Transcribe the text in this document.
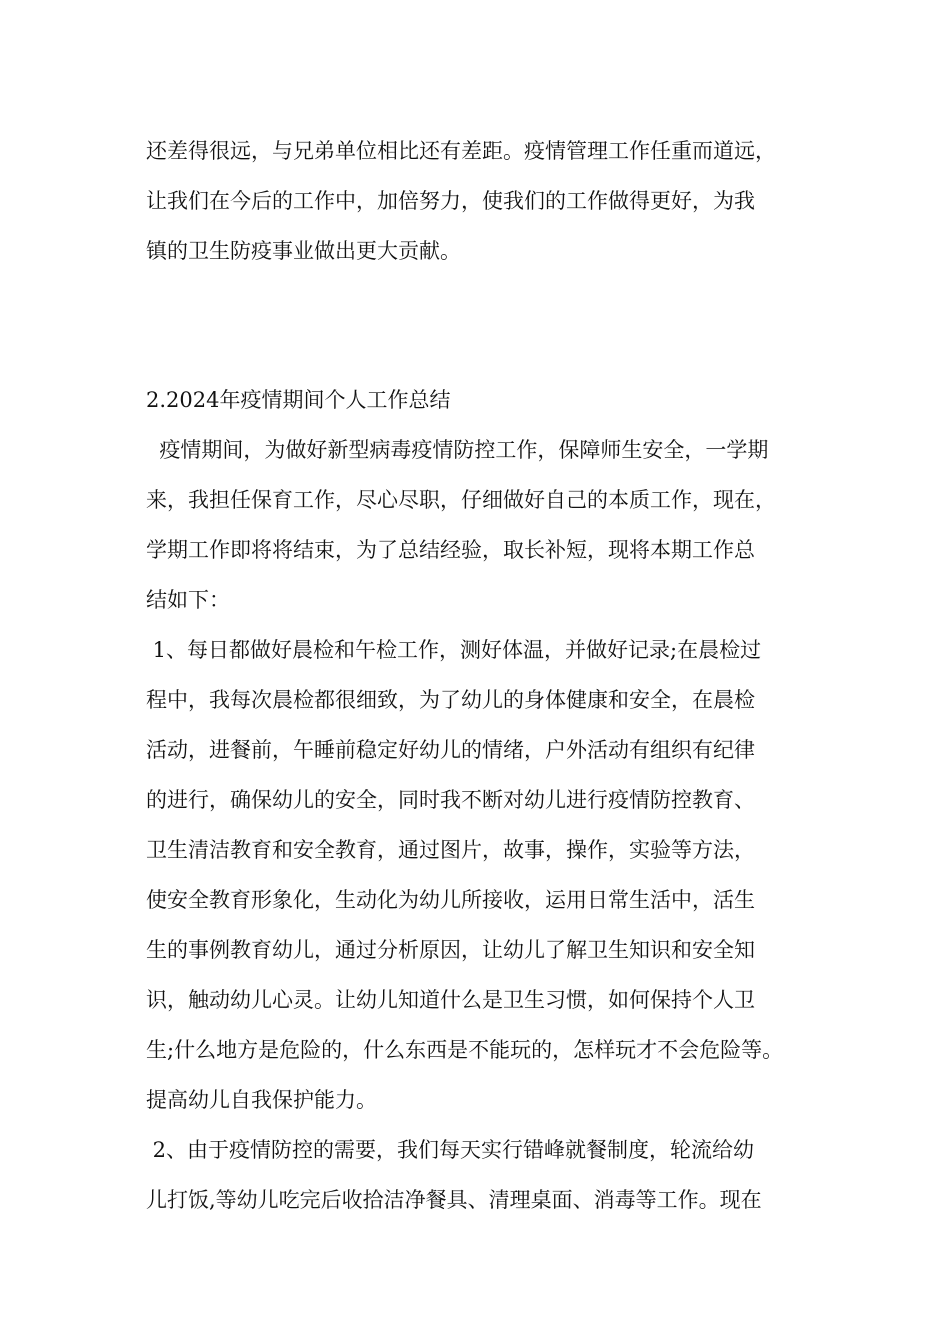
还差得很远，与兄弟单位相比还有差距。疫情管理工作任重而道远，
让我们在今后的工作中，加倍努力，使我们的工作做得更好，为我
镇的卫生防疫事业做出更大贡献。
2.2024年疫情期间个人工作总结
疫情期间，为做好新型病毒疫情防控工作，保障师生安全，一学期
来，我担任保育工作，尽心尽职，仔细做好自己的本质工作，现在，
学期工作即将将结束，为了总结经验，取长补短，现将本期工作总
结如下：
1、每日都做好晨检和午检工作，测好体温，并做好记录;在晨检过
程中，我每次晨检都很细致，为了幼儿的身体健康和安全，在晨检
活动，进餐前，午睡前稳定好幼儿的情绪，户外活动有组织有纪律
的进行，确保幼儿的安全，同时我不断对幼儿进行疫情防控教育、
卫生清洁教育和安全教育，通过图片，故事，操作，实验等方法，
使安全教育形象化，生动化为幼儿所接收，运用日常生活中，活生
生的事例教育幼儿，通过分析原因，让幼儿了解卫生知识和安全知
识，触动幼儿心灵。让幼儿知道什么是卫生习惯，如何保持个人卫
生;什么地方是危险的，什么东西是不能玩的，怎样玩才不会危险等。
提高幼儿自我保护能力。
2、由于疫情防控的需要，我们每天实行错峰就餐制度，轮流给幼
儿打饭,等幼儿吃完后收拾洁净餐具、清理桌面、消毒等工作。现在
